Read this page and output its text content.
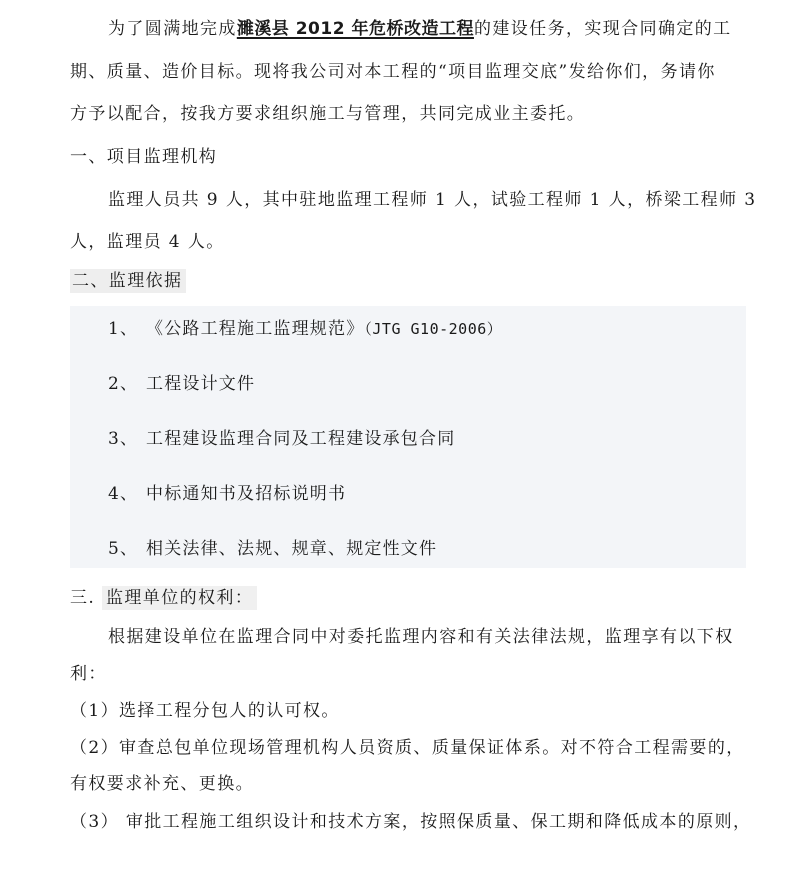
为了圆满地完成濉溪县 2012 年危桥改造工程的建设任务，实现合同确定的工
期、质量、造价目标。现将我公司对本工程的“项目监理交底”发给你们，务请你
方予以配合，按我方要求组织施工与管理，共同完成业主委托。
一、项目监理机构
监理人员共 9 人，其中驻地监理工程师 1 人，试验工程师 1 人，桥梁工程师 3
人，监理员 4 人。
二、监理依据
1、 《公路工程施工监理规范》（JTG G10-2006）
2、 工程设计文件
3、 工程建设监理合同及工程建设承包合同
4、 中标通知书及招标说明书
5、 相关法律、法规、规章、规定性文件
三. 监理单位的权利：
根据建设单位在监理合同中对委托监理内容和有关法律法规，监理享有以下权
利：
（1）选择工程分包人的认可权。
（2）审查总包单位现场管理机构人员资质、质量保证体系。对不符合工程需要的，
有权要求补充、更换。
（3） 审批工程施工组织设计和技术方案，按照保质量、保工期和降低成本的原则，
